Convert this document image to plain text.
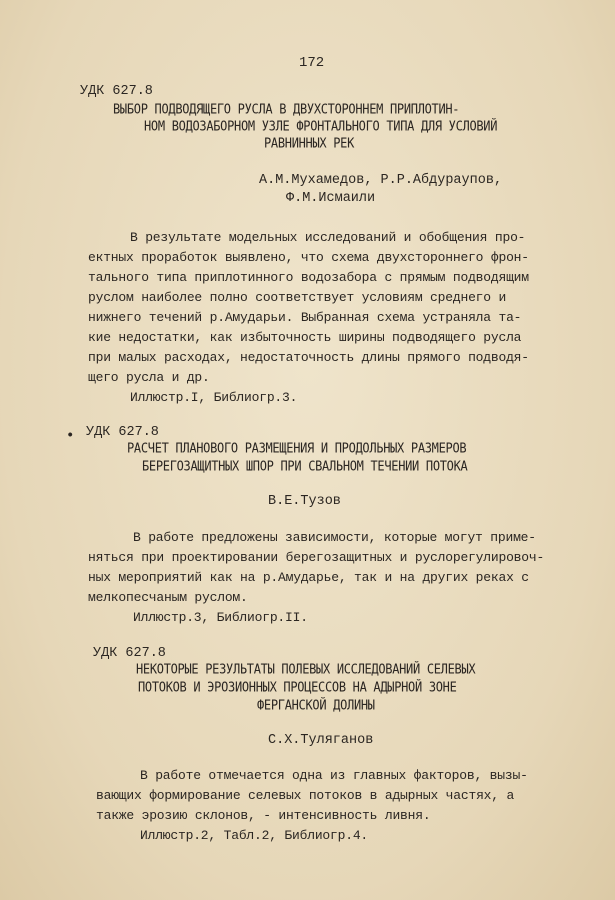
172
УДК 627.8
ВЫБОР ПОДВОДЯЩЕГО РУСЛА В ДВУХСТОРОННЕМ ПРИПЛОТИН-
НОМ ВОДОЗАБОРНОМ УЗЛЕ ФРОНТАЛЬНОГО ТИПА ДЛЯ УСЛОВИЙ
РАВНИННЫХ РЕК
А.М.Мухамедов, Р.Р.Абдураупов,
Ф.М.Исмаили
В результате модельных исследований и обобщения про-
ектных проработок выявлено, что схема двухстороннего фрон-
тального типа приплотинного водозабора с прямым подводящим
руслом наиболее полно соответствует условиям среднего и
нижнего течений р.Амударьи. Выбранная схема устраняла та-
кие недостатки, как избыточность ширины подводящего русла
при малых расходах, недостаточность длины прямого подводя-
щего русла и др.
Иллюстр.I, Библиогр.3.
• УДК 627.8
РАСЧЕТ ПЛАНОВОГО РАЗМЕЩЕНИЯ И ПРОДОЛЬНЫХ РАЗМЕРОВ
БЕРЕГОЗАЩИТНЫХ ШПОР ПРИ СВАЛЬНОМ ТЕЧЕНИИ ПОТОКА
В.Е.Тузов
В работе предложены зависимости, которые могут приме-
няться при проектировании берегозащитных и руслорегулировоч-
ных мероприятий как на р.Амударье, так и на других реках с
мелкопесчаным руслом.
Иллюстр.3, Библиогр.II.
УДК 627.8
НЕКОТОРЫЕ РЕЗУЛЬТАТЫ ПОЛЕВЫХ ИССЛЕДОВАНИЙ СЕЛЕВЫХ
ПОТОКОВ И ЭРОЗИОННЫХ ПРОЦЕССОВ НА АДЫРНОЙ ЗОНЕ
ФЕРГАНСКОЙ ДОЛИНЫ
С.Х.Туляганов
В работе отмечается одна из главных факторов, вызы-
вающих формирование селевых потоков в адырных частях, а
также эрозию склонов, - интенсивность ливня.
Иллюстр.2, Табл.2, Библиогр.4.
